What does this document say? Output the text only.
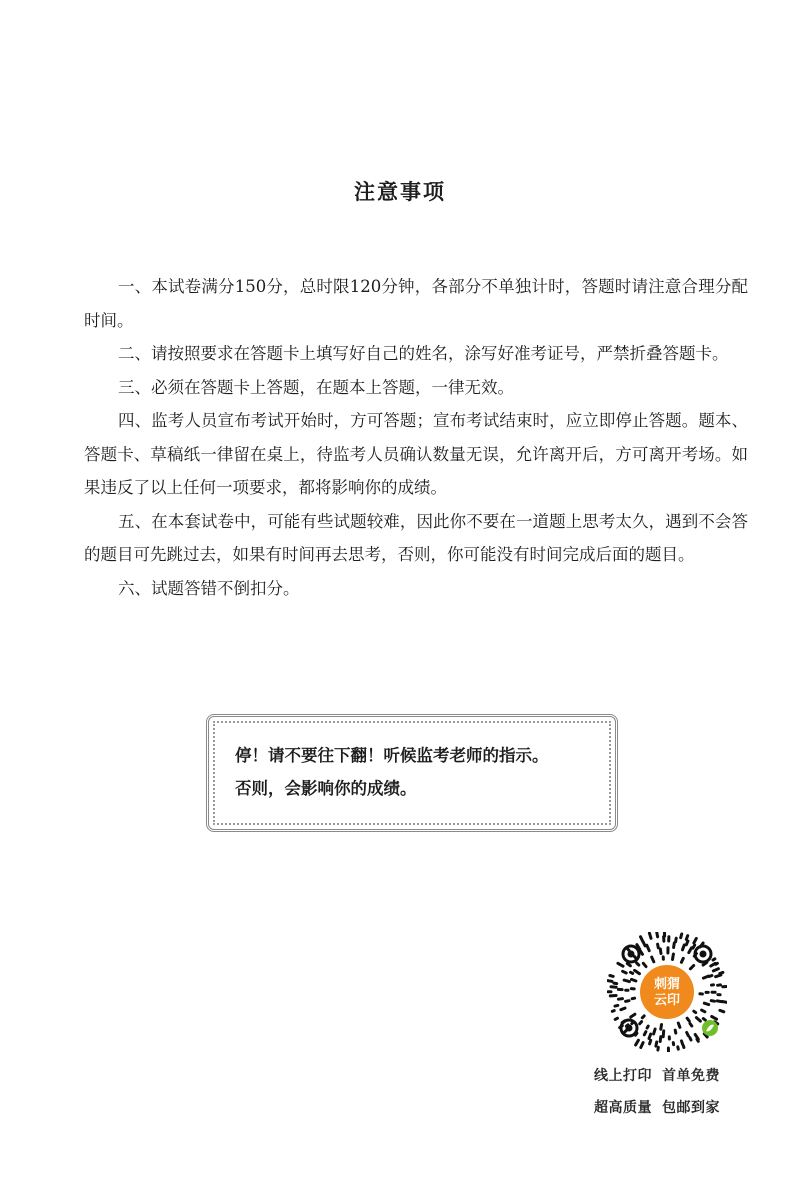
注意事项

一、本试卷满分150分，总时限120分钟，各部分不单独计时，答题时请注意合理分配时间。

二、请按照要求在答题卡上填写好自己的姓名，涂写好准考证号，严禁折叠答题卡。

三、必须在答题卡上答题，在题本上答题，一律无效。

四、监考人员宣布考试开始时，方可答题；宣布考试结束时，应立即停止答题。题本、答题卡、草稿纸一律留在桌上，待监考人员确认数量无误，允许离开后，方可离开考场。如果违反了以上任何一项要求，都将影响你的成绩。

五、在本套试卷中，可能有些试题较难，因此你不要在一道题上思考太久，遇到不会答的题目可先跳过去，如果有时间再去思考，否则，你可能没有时间完成后面的题目。

六、试题答错不倒扣分。

停！请不要往下翻！听候监考老师的指示。
否则，会影响你的成绩。
刺猬
云印
线上打印 首单免费
超高质量 包邮到家
